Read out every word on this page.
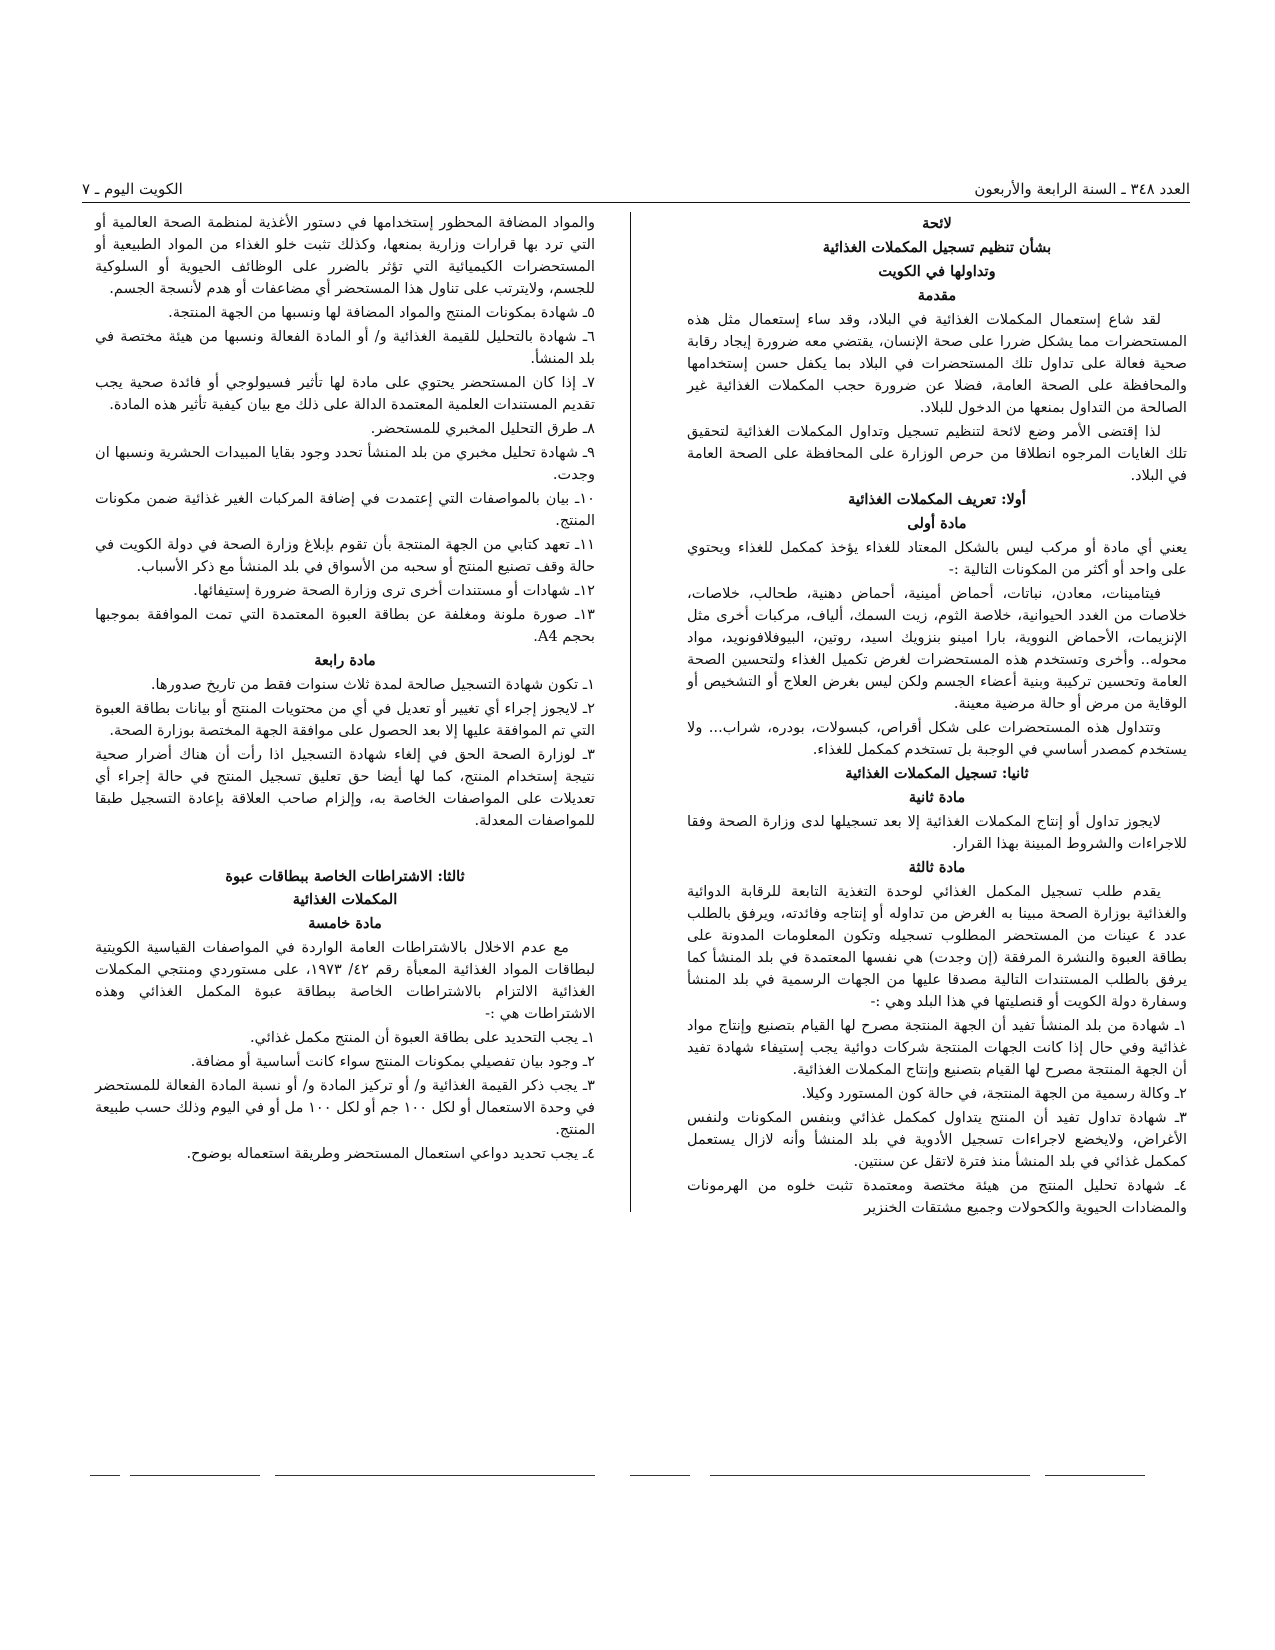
العدد ٣٤٨ ـ السنة الرابعة والأربعون
الكويت اليوم ـ ٧
لائحة
بشأن تنظيم تسجيل المكملات الغذائية
وتداولها في الكويت
مقدمة

لقد شاع إستعمال المكملات الغذائية في البلاد، وقد ساء إستعمال مثل هذه المستحضرات مما يشكل ضررا على صحة الإنسان، يقتضي معه ضرورة إيجاد رقابة صحية فعالة على تداول تلك المستحضرات في البلاد بما يكفل حسن إستخدامها والمحافظة على الصحة العامة، فضلا عن ضرورة حجب المكملات الغذائية غير الصالحة من التداول بمنعها من الدخول للبلاد.

لذا إقتضى الأمر وضع لائحة لتنظيم تسجيل وتداول المكملات الغذائية لتحقيق تلك الغايات المرجوه انطلاقا من حرص الوزارة على المحافظة على الصحة العامة في البلاد.

أولا: تعريف المكملات الغذائية
مادة أولى

يعني أي مادة أو مركب ليس بالشكل المعتاد للغذاء يؤخذ كمكمل للغذاء ويحتوي على واحد أو أكثر من المكونات التالية :-

فيتامينات، معادن، نباتات، أحماض أمينية، أحماض دهنية، طحالب، خلاصات، خلاصات من الغدد الحيوانية، خلاصة الثوم، زيت السمك، ألياف، مركبات أخرى مثل الإنزيمات، الأحماض النووية، بارا امينو بنزويك اسيد، روتين، البيوفلافونويد، مواد محوله.. وأخرى وتستخدم هذه المستحضرات لغرض تكميل الغذاء ولتحسين الصحة العامة وتحسين تركيبة وبنية أعضاء الجسم ولكن ليس بغرض العلاج أو التشخيص أو الوقاية من مرض أو حالة مرضية معينة.

وتتداول هذه المستحضرات على شكل أقراص، كبسولات، بودره، شراب... ولا يستخدم كمصدر أساسي في الوجبة بل تستخدم كمكمل للغذاء.

ثانيا: تسجيل المكملات الغذائية
مادة ثانية

لايجوز تداول أو إنتاج المكملات الغذائية إلا بعد تسجيلها لدى وزارة الصحة وفقا للاجراءات والشروط المبينة بهذا القرار.

مادة ثالثة

يقدم طلب تسجيل المكمل الغذائي لوحدة التغذية التابعة للرقابة الدوائية والغذائية بوزارة الصحة مبينا به الغرض من تداوله أو إنتاجه وفائدته، ويرفق بالطلب عدد ٤ عينات من المستحضر المطلوب تسجيله وتكون المعلومات المدونة على بطاقة العبوة والنشرة المرفقة (إن وجدت) هي نفسها المعتمدة في بلد المنشأ كما يرفق بالطلب المستندات التالية مصدقا عليها من الجهات الرسمية في بلد المنشأ وسفارة دولة الكويت أو قنصليتها في هذا البلد وهي :-

١ـ شهادة من بلد المنشأ تفيد أن الجهة المنتجة مصرح لها القيام بتصنيع وإنتاج مواد غذائية وفي حال إذا كانت الجهات المنتجة شركات دوائية يجب إستيفاء شهادة تفيد أن الجهة المنتجة مصرح لها القيام بتصنيع وإنتاج المكملات الغذائية.

٢ـ وكالة رسمية من الجهة المنتجة، في حالة كون المستورد وكيلا.

٣ـ شهادة تداول تفيد أن المنتج يتداول كمكمل غذائي وبنفس المكونات ولنفس الأغراض، ولايخضع لاجراءات تسجيل الأدوية في بلد المنشأ وأنه لازال يستعمل كمكمل غذائي في بلد المنشأ منذ فترة لاتقل عن سنتين.

٤ـ شهادة تحليل المنتج من هيئة مختصة ومعتمدة تثبت خلوه من الهرمونات والمضادات الحيوية والكحولات وجميع مشتقات الخنزير

والمواد المضافة المحظور إستخدامها في دستور الأغذية لمنظمة الصحة العالمية أو التي ترد بها قرارات وزارية بمنعها، وكذلك تثبت خلو الغذاء من المواد الطبيعية أو المستحضرات الكيميائية التي تؤثر بالضرر على الوظائف الحيوية أو السلوكية للجسم، ولايترتب على تناول هذا المستحضر أي مضاعفات أو هدم لأنسجة الجسم.

٥ـ شهادة بمكونات المنتج والمواد المضافة لها ونسبها من الجهة المنتجة.

٦ـ شهادة بالتحليل للقيمة الغذائية و/ أو المادة الفعالة ونسبها من هيئة مختصة في بلد المنشأ.

٧ـ إذا كان المستحضر يحتوي على مادة لها تأثير فسيولوجي أو فائدة صحية يجب تقديم المستندات العلمية المعتمدة الدالة على ذلك مع بيان كيفية تأثير هذه المادة.

٨ـ طرق التحليل المخبري للمستحضر.

٩ـ شهادة تحليل مخبري من بلد المنشأ تحدد وجود بقايا المبيدات الحشرية ونسبها ان وجدت.

١٠ـ بيان بالمواصفات التي إعتمدت في إضافة المركبات الغير غذائية ضمن مكونات المنتج.

١١ـ تعهد كتابي من الجهة المنتجة بأن تقوم بإبلاغ وزارة الصحة في دولة الكويت في حالة وقف تصنيع المنتج أو سحبه من الأسواق في بلد المنشأ مع ذكر الأسباب.

١٢ـ شهادات أو مستندات أخرى ترى وزارة الصحة ضرورة إستيفائها.

١٣ـ صورة ملونة ومغلفة عن بطاقة العبوة المعتمدة التي تمت الموافقة بموجبها بحجم A4.

مادة رابعة

١ـ تكون شهادة التسجيل صالحة لمدة ثلاث سنوات فقط من تاريخ صدورها.

٢ـ لايجوز إجراء أي تغيير أو تعديل في أي من محتويات المنتج أو بيانات بطاقة العبوة التي تم الموافقة عليها إلا بعد الحصول على موافقة الجهة المختصة بوزارة الصحة.

٣ـ لوزارة الصحة الحق في إلغاء شهادة التسجيل اذا رأت أن هناك أضرار صحية نتيجة إستخدام المنتج، كما لها أيضا حق تعليق تسجيل المنتج في حالة إجراء أي تعديلات على المواصفات الخاصة به، وإلزام صاحب العلاقة بإعادة التسجيل طبقا للمواصفات المعدلة.

ثالثا: الاشتراطات الخاصة ببطاقات عبوة
المكملات الغذائية
مادة خامسة

مع عدم الاخلال بالاشتراطات العامة الواردة في المواصفات القياسية الكويتية لبطاقات المواد الغذائية المعبأة رقم ٤٢/ ١٩٧٣، على مستوردي ومنتجي المكملات الغذائية الالتزام بالاشتراطات الخاصة ببطاقة عبوة المكمل الغذائي وهذه الاشتراطات هي :-

١ـ يجب التحديد على بطاقة العبوة أن المنتج مكمل غذائي.

٢ـ وجود بيان تفصيلي بمكونات المنتج سواء كانت أساسية أو مضافة.

٣ـ يجب ذكر القيمة الغذائية و/ أو تركيز المادة و/ أو نسبة المادة الفعالة للمستحضر في وحدة الاستعمال أو لكل ١٠٠ جم أو لكل ١٠٠ مل أو في اليوم وذلك حسب طبيعة المنتج.

٤ـ يجب تحديد دواعي استعمال المستحضر وطريقة استعماله بوضوح.
